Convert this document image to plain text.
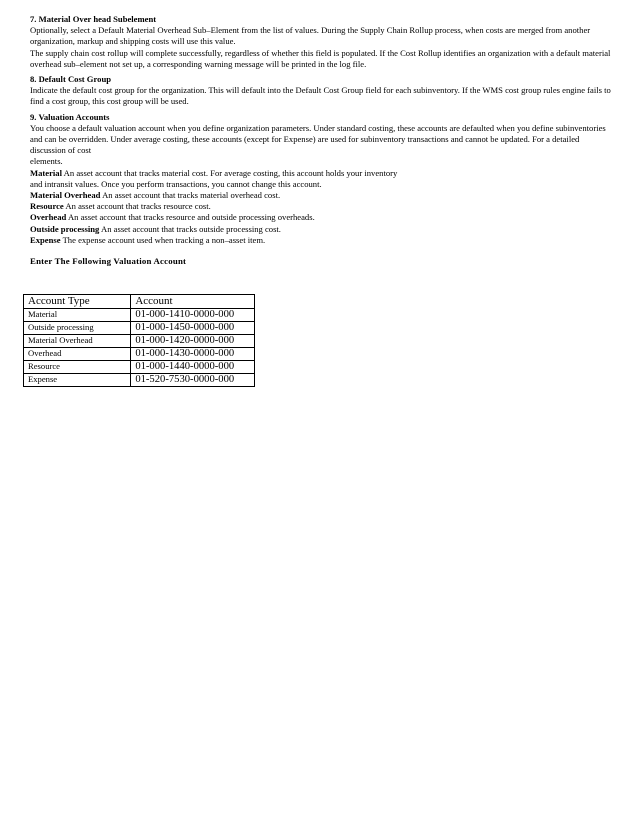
7. Material Over head Subelement

Optionally, select a Default Material Overhead Sub–Element from the list of values. During the Supply Chain Rollup process, when costs are merged from another organization, markup and shipping costs will use this value.

The supply chain cost rollup will complete successfully, regardless of whether this field is populated. If the Cost Rollup identifies an organization with a default material overhead sub–element not set up, a corresponding warning message will be printed in the log file.

8. Default Cost Group

Indicate the default cost group for the organization. This will default into the Default Cost Group field for each subinventory. If the WMS cost group rules engine fails to find a cost group, this cost group will be used.

9. Valuation Accounts

You choose a default valuation account when you define organization parameters. Under standard costing, these accounts are defaulted when you define subinventories and can be overridden. Under average costing, these accounts (except for Expense) are used for subinventory transactions and cannot be updated. For a detailed discussion of cost

elements.

Material An asset account that tracks material cost. For average costing, this account holds your inventory

and intransit values. Once you perform transactions, you cannot change this account.

Material Overhead An asset account that tracks material overhead cost.

Resource An asset account that tracks resource cost.

Overhead An asset account that tracks resource and outside processing overheads.

Outside processing An asset account that tracks outside processing cost.

Expense The expense account used when tracking a non–asset item.

Enter The Following Valuation Account

Account Type	Account
Material	01-000-1410-0000-000
Outside processing	01-000-1450-0000-000
Material Overhead	01-000-1420-0000-000
Overhead	01-000-1430-0000-000
Resource	01-000-1440-0000-000
Expense	01-520-7530-0000-000
